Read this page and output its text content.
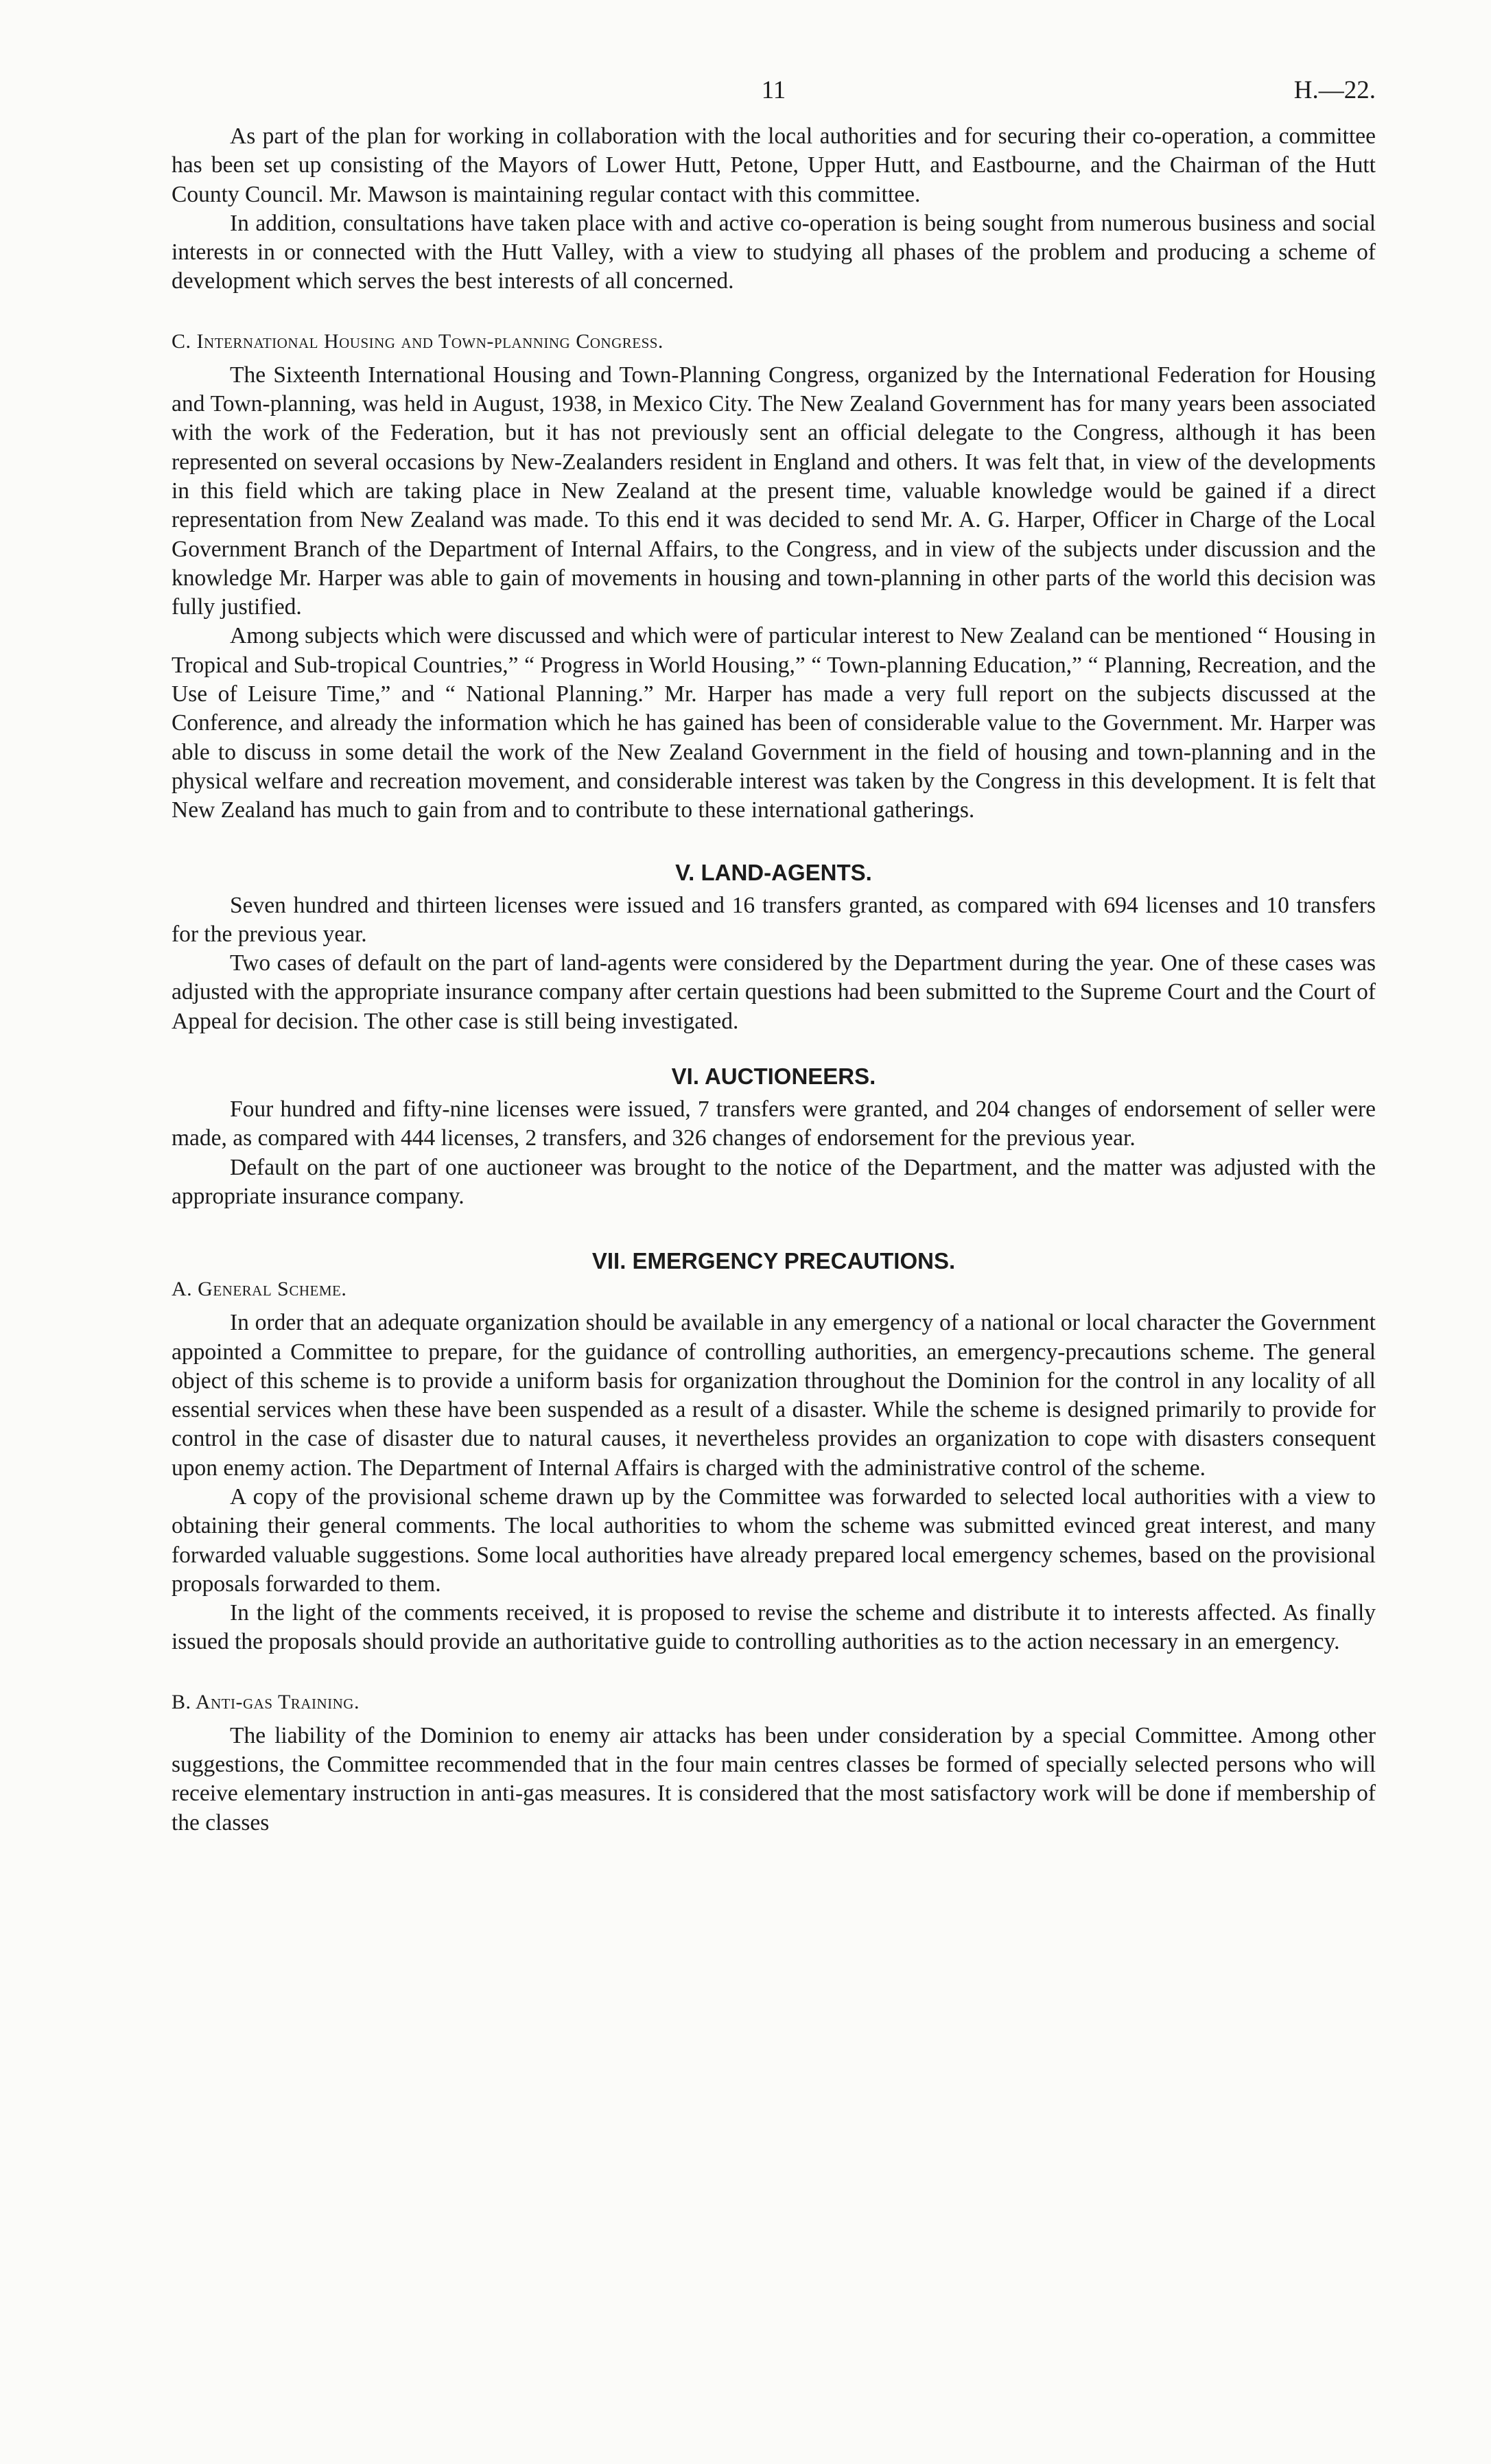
11	H.—22.

As part of the plan for working in collaboration with the local authorities and for securing their co-operation, a committee has been set up consisting of the Mayors of Lower Hutt, Petone, Upper Hutt, and Eastbourne, and the Chairman of the Hutt County Council. Mr. Mawson is maintaining regular contact with this committee.

In addition, consultations have taken place with and active co-operation is being sought from numerous business and social interests in or connected with the Hutt Valley, with a view to studying all phases of the problem and producing a scheme of development which serves the best interests of all concerned.

C. International Housing and Town-planning Congress.

The Sixteenth International Housing and Town-Planning Congress, organized by the International Federation for Housing and Town-planning, was held in August, 1938, in Mexico City. The New Zealand Government has for many years been associated with the work of the Federation, but it has not previously sent an official delegate to the Congress, although it has been represented on several occasions by New-Zealanders resident in England and others. It was felt that, in view of the developments in this field which are taking place in New Zealand at the present time, valuable knowledge would be gained if a direct representation from New Zealand was made. To this end it was decided to send Mr. A. G. Harper, Officer in Charge of the Local Government Branch of the Department of Internal Affairs, to the Congress, and in view of the subjects under discussion and the knowledge Mr. Harper was able to gain of movements in housing and town-planning in other parts of the world this decision was fully justified.

Among subjects which were discussed and which were of particular interest to New Zealand can be mentioned “ Housing in Tropical and Sub-tropical Countries,” “ Progress in World Housing,” “ Town-planning Education,” “ Planning, Recreation, and the Use of Leisure Time,” and “ National Planning.” Mr. Harper has made a very full report on the subjects discussed at the Conference, and already the information which he has gained has been of considerable value to the Government. Mr. Harper was able to discuss in some detail the work of the New Zealand Government in the field of housing and town-planning and in the physical welfare and recreation movement, and considerable interest was taken by the Congress in this development. It is felt that New Zealand has much to gain from and to contribute to these international gatherings.

V. LAND-AGENTS.

Seven hundred and thirteen licenses were issued and 16 transfers granted, as compared with 694 licenses and 10 transfers for the previous year.

Two cases of default on the part of land-agents were considered by the Department during the year. One of these cases was adjusted with the appropriate insurance company after certain questions had been submitted to the Supreme Court and the Court of Appeal for decision. The other case is still being investigated.

VI. AUCTIONEERS.

Four hundred and fifty-nine licenses were issued, 7 transfers were granted, and 204 changes of endorsement of seller were made, as compared with 444 licenses, 2 transfers, and 326 changes of endorsement for the previous year.

Default on the part of one auctioneer was brought to the notice of the Department, and the matter was adjusted with the appropriate insurance company.

VII. EMERGENCY PRECAUTIONS.
A. General Scheme.

In order that an adequate organization should be available in any emergency of a national or local character the Government appointed a Committee to prepare, for the guidance of controlling authorities, an emergency-precautions scheme. The general object of this scheme is to provide a uniform basis for organization throughout the Dominion for the control in any locality of all essential services when these have been suspended as a result of a disaster. While the scheme is designed primarily to provide for control in the case of disaster due to natural causes, it nevertheless provides an organization to cope with disasters consequent upon enemy action. The Department of Internal Affairs is charged with the administrative control of the scheme.

A copy of the provisional scheme drawn up by the Committee was forwarded to selected local authorities with a view to obtaining their general comments. The local authorities to whom the scheme was submitted evinced great interest, and many forwarded valuable suggestions. Some local authorities have already prepared local emergency schemes, based on the provisional proposals forwarded to them.

In the light of the comments received, it is proposed to revise the scheme and distribute it to interests affected. As finally issued the proposals should provide an authoritative guide to controlling authorities as to the action necessary in an emergency.

B. Anti-gas Training.

The liability of the Dominion to enemy air attacks has been under consideration by a special Committee. Among other suggestions, the Committee recommended that in the four main centres classes be formed of specially selected persons who will receive elementary instruction in anti-gas measures. It is considered that the most satisfactory work will be done if membership of the classes
